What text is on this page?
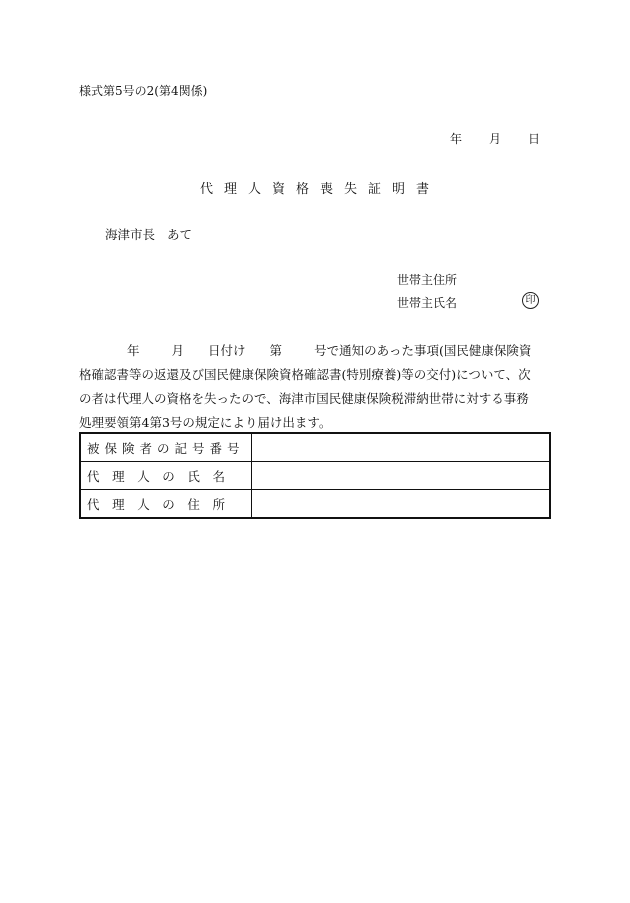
様式第5号の2(第4関係)
年 月 日
代理人資格喪失証明書
海津市長 あて
世帯主住所
世帯主氏名	印
年	月 日付け 第	号で通知のあった事項(国民健康保険資
格確認書等の返還及び国民健康保険資格確認書(特別療養)等の交付)について、次
の者は代理人の資格を失ったので、海津市国民健康保険税滞納世帯に対する事務
処理要領第4第3号の規定により届け出ます。
被保険者の記号番号	
代理人の氏名	
代理人の住所	
